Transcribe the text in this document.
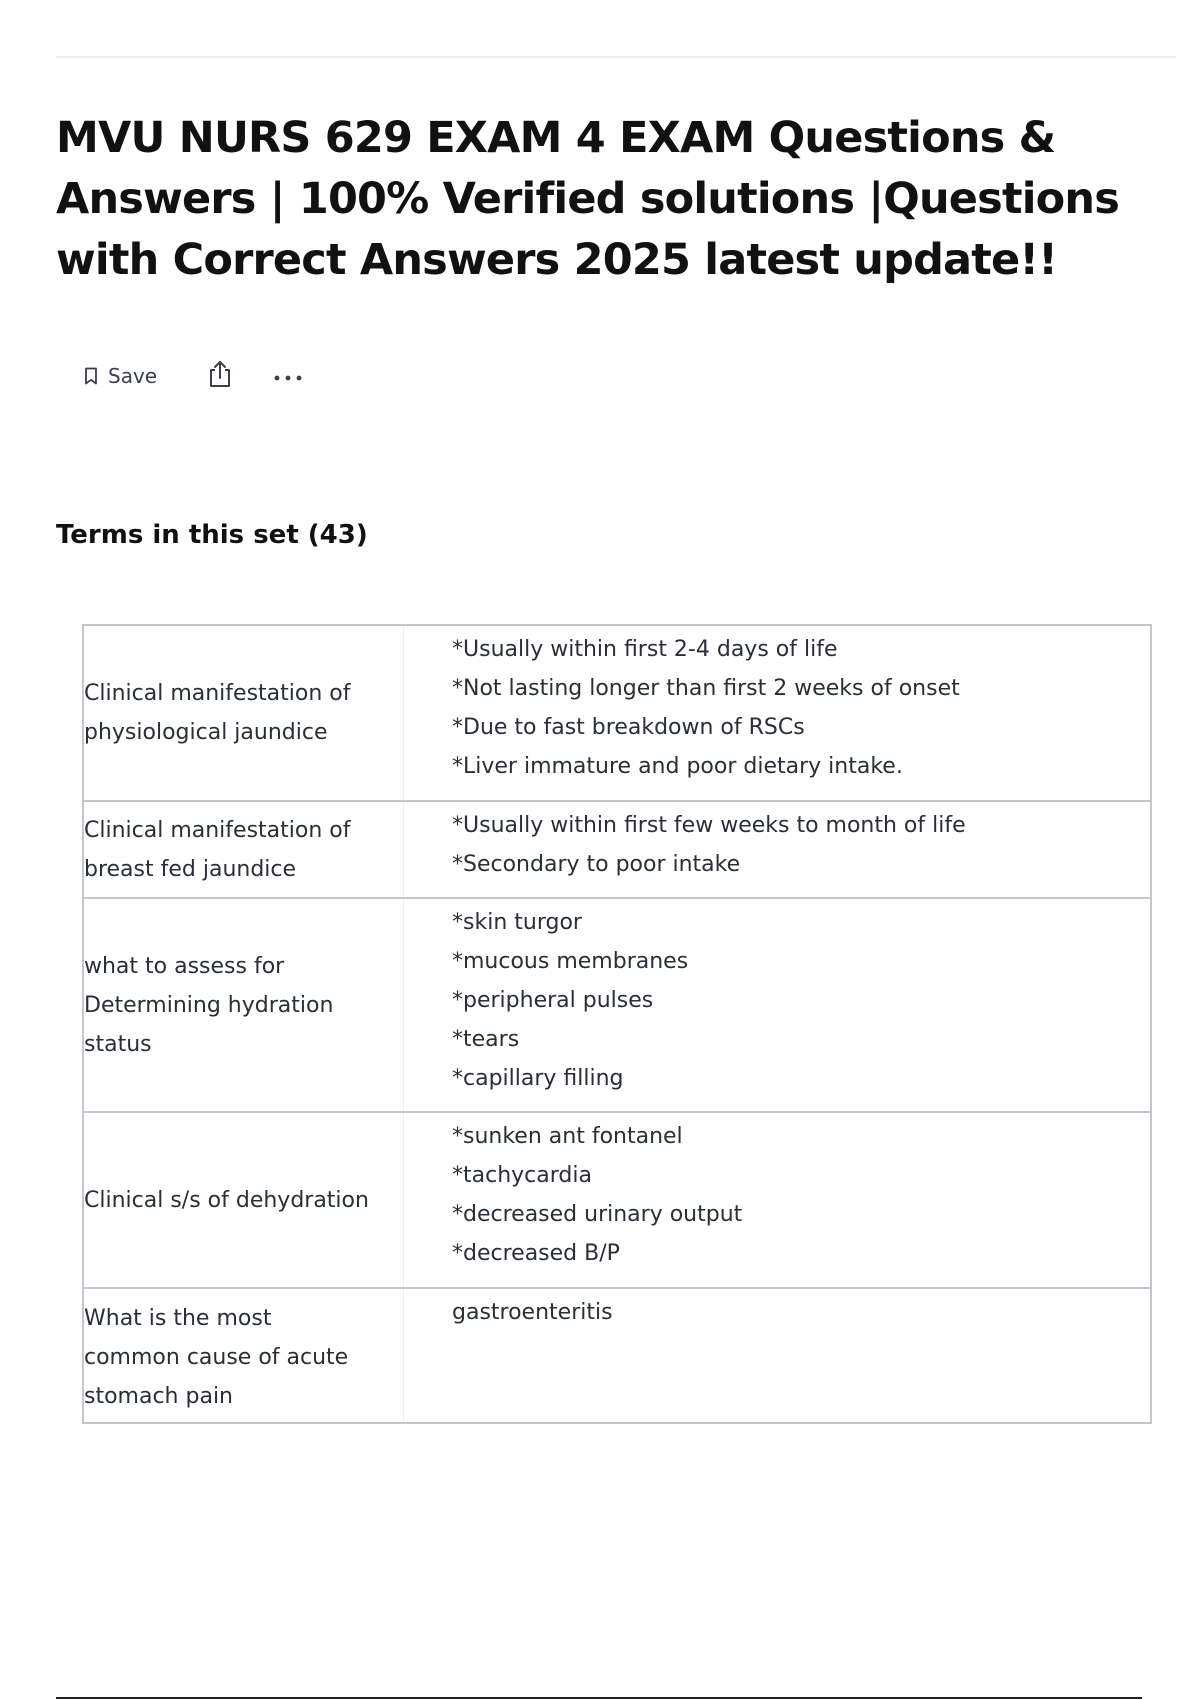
MVU NURS 629 EXAM 4 EXAM Questions & Answers | 100% Verified solutions |Questions with Correct Answers 2025 latest update!!
Save
Terms in this set (43)
Clinical manifestation of physiological jaundice
*Usually within first 2-4 days of life
*Not lasting longer than first 2 weeks of onset
*Due to fast breakdown of RSCs
*Liver immature and poor dietary intake.
Clinical manifestation of breast fed jaundice
*Usually within first few weeks to month of life
*Secondary to poor intake
what to assess for Determining hydration status
*skin turgor
*mucous membranes
*peripheral pulses
*tears
*capillary filling
Clinical s/s of dehydration
*sunken ant fontanel
*tachycardia
*decreased urinary output
*decreased B/P
What is the most common cause of acute stomach pain
gastroenteritis
